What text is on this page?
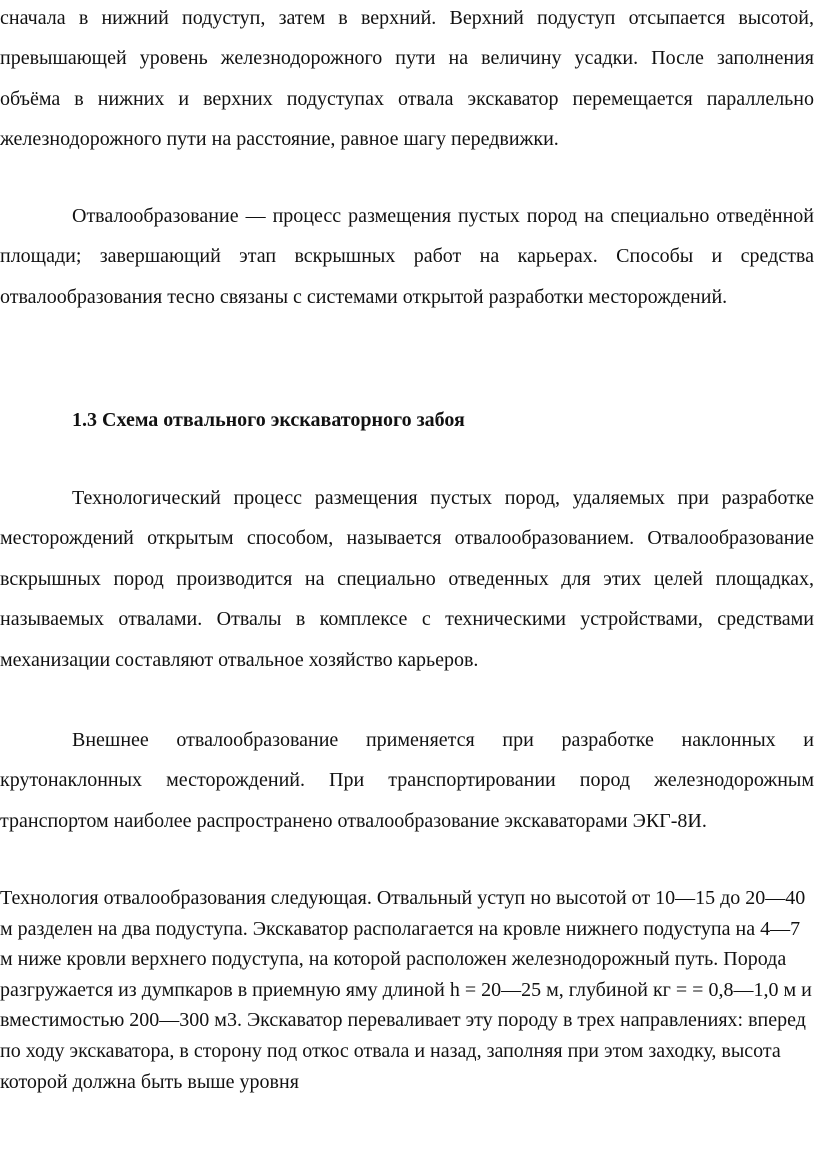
сначала в нижний подуступ, затем в верхний. Верхний подуступ отсыпается высотой, превышающей уровень железнодорожного пути на величину усадки. После заполнения объёма в нижних и верхних подуступах отвала экскаватор перемещается параллельно железнодорожного пути на расстояние, равное шагу передвижки.

Отвалообразование — процесс размещения пустых пород на специально отведённой площади; завершающий этап вскрышных работ на карьерах. Способы и средства отвалообразования тесно связаны с системами открытой разработки месторождений.

1.3 Схема отвального экскаваторного забоя

Технологический процесс размещения пустых пород, удаляемых при разработке месторождений открытым способом, называется отвалообразованием. Отвалообразование вскрышных пород производится на специально отведенных для этих целей площадках, называемых отвалами. Отвалы в комплексе с техническими устройствами, средствами механизации составляют отвальное хозяйство карьеров.

Внешнее отвалообразование применяется при разработке наклонных и крутонаклонных месторождений. При транспортировании пород железнодорожным транспортом наиболее распространено отвалообразование экскаваторами ЭКГ-8И.

Технология отвалообразования следующая. Отвальный уступ но высотой от 10—15 до 20—40 м разделен на два подуступа. Экскаватор располагается на кровле нижнего подуступа на 4—7 м ниже кровли верхнего подуступа, на которой расположен железнодорожный путь. Порода разгружается из думпкаров в приемную яму длиной h = 20—25 м, глубиной кг = = 0,8—1,0 м и вместимостью 200—300 м3. Экскаватор переваливает эту породу в трех направлениях: вперед по ходу экскаватора, в сторону под откос отвала и назад, заполняя при этом заходку, высота которой должна быть выше уровня
